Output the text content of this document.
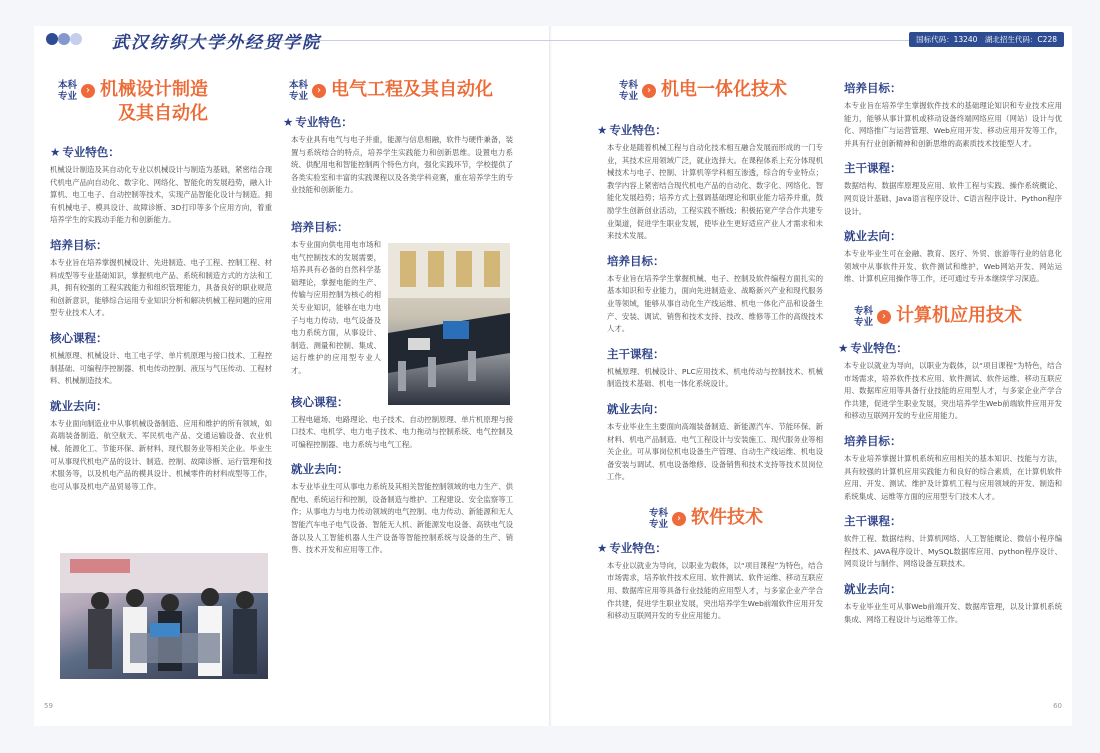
武汉纺织大学外经贸学院	国标代码：13240　湖北招生代码：C228
本科
专业
› 机械设计制造
及其自动化
★ 专业特色：
机械设计制造及其自动化专业以机械设计与制造为基础，紧密结合现代机电产品向自动化、数字化、网络化、智能化的发展趋势，融入计算机、电工电子、自动控制等技术，实现产品智能化设计与制造。拥有机械电子、模具设计、故障诊断、3D打印等多个应用方向，着重培养学生的实践动手能力和创新能力。
培养目标：
本专业旨在培养掌握机械设计、先进制造、电子工程、控制工程、材料成型等专业基础知识，掌握机电产品、系统和制造方式的方法和工具，拥有较强的工程实践能力和组织管理能力，具备良好的职业规范和创新意识，能够综合运用专业知识分析和解决机械工程问题的应用型专业技术人才。
核心课程：
机械原理、机械设计、电工电子学、单片机原理与接口技术、工程控制基础、可编程序控制器、机电传动控制、液压与气压传动、工程材料、机械制造技术。
就业去向：
本专业面向制造业中从事机械设备制造、应用和维护的所有领域，如高端装备制造、航空航天、军民机电产品、交通运输设备、农业机械、能源化工、节能环保、新材料、现代服务业等相关企业。毕业生可从事现代机电产品的设计、制造、控制、故障诊断、运行管理和技术服务等，以及机电产品的模具设计、机械零件的材料成型等工作，也可从事及机电产品贸易等工作。
本科
专业
› 电气工程及其自动化
★ 专业特色：
本专业具有电气与电子并重，能源与信息相融，软件与硬件兼备，装置与系统结合的特点，培养学生实践能力和创新思维。设置电力系统、供配用电和智能控制两个特色方向，强化实践环节，学校提供了各类实验室和丰富的实践课程以及各类学科竞赛，重在培养学生的专业技能和创新能力。
培养目标：
本专业面向供电用电市场和电气控制技术的发展需要，培养具有必备的自然科学基础理论，掌握电能的生产、传输与应用控制为核心的相关专业知识，能够在电力电子与电力传动、电气设备及电力系统方面，从事设计、制造、测量和控制、集成、运行维护的应用型专业人才。
核心课程：
工程电磁场、电路理论、电子技术、自动控制原理、单片机原理与接口技术、电机学、电力电子技术、电力拖动与控制系统、电气控制及可编程控制器、电力系统与电气工程。
就业去向：
本专业毕业生可从事电力系统及其相关智能控制领域的电力生产、供配电、系统运行和控制，设备制造与维护、工程建设、安全监察等工作；从事电力与电力传动领域的电气控制、电力传动、新能源和无人智能汽车电子电气设备、智能无人机、新能源发电设备、高铁电气设备以及人工智能机器人生产设备等智能控制系统与设备的生产、销售、技术开发和应用等工作。
专科
专业
› 机电一体化技术
★ 专业特色：
本专业是随着机械工程与自动化技术相互融合发展而形成的一门专业，其技术应用领域广泛，就业选择大。在课程体系上充分体现机械技术与电子、控制、计算机等学科相互渗透，综合的专业特点；教学内容上紧密结合现代机电产品的自动化、数字化、网络化、智能化发展趋势；培养方式上强调基础理论和职业能力培养并重，鼓励学生创新创业活动，工程实践不断线；积极拓宽产学合作共建专业渠道，促进学生职业发展，使毕业生更好适应产业人才需求和未来技术发展。
培养目标：
本专业旨在培养学生掌握机械、电子、控制及软件编程方面扎实的基本知识和专业能力，面向先进制造业、战略新兴产业和现代服务业等领域，能够从事自动化生产线运维、机电一体化产品和设备生产、安装、调试、销售和技术支持、技改、维修等工作的高级技术人才。
主干课程：
机械原理、机械设计、PLC应用技术、机电传动与控制技术、机械制造技术基础、机电一体化系统设计。
就业去向：
本专业毕业生主要面向高端装备制造、新能源汽车、节能环保、新材料、机电产品制造、电气工程设计与安装施工、现代服务业等相关企业。可从事岗位机电设备生产管理、自动生产线运维、机电设备安装与调试、机电设备维修、设备销售和技术支持等技术员岗位工作。
专科
专业
› 软件技术
★ 专业特色：
本专业以就业为导向，以职业为载体，以“项目课程”为特色，结合市场需求，培养软件技术应用、软件测试、软件运维、移动互联应用、数据库应用等具备行业技能的应用型人才，与多家企业产学合作共建，促进学生职业发展，突出培养学生Web前端软件应用开发和移动互联网开发的专业应用能力。
培养目标：
本专业旨在培养学生掌握软件技术的基础理论知识和专业技术应用能力，能够从事计算机或移动设备终端网络应用（网站）设计与优化、网络推广与运营管理、Web应用开发、移动应用开发等工作，并具有行业创新精神和创新思维的高素质技术技能型人才。
主干课程：
数据结构、数据库原理及应用、软件工程与实践、操作系统概论、网页设计基础、Java语言程序设计、C语言程序设计、Python程序设计。
就业去向：
本专业毕业生可在金融、教育、医疗、外贸、旅游等行业的信息化领域中从事软件开发、软件测试和维护、Web网站开发、网站运维、计算机应用操作等工作，还可通过专升本继续学习深造。
专科
专业
› 计算机应用技术
★ 专业特色：
本专业以就业为导向，以职业为载体，以“项目课程”为特色，结合市场需求，培养软件技术应用、软件测试、软件运维、移动互联应用、数据库应用等具备行业技能的应用型人才，与多家企业产学合作共建，促进学生职业发展，突出培养学生Web前端软件应用开发和移动互联网开发的专业应用能力。
培养目标：
本专业培养掌握计算机系统和应用相关的基本知识、技能与方法，具有较强的计算机应用实践能力和良好的综合素质，在计算机软件应用、开发、测试、维护及计算机工程与应用领域的开发、制造和系统集成、运维等方面的应用型专门技术人才。
主干课程：
软件工程、数据结构、计算机网络、人工智能概论、微信小程序编程技术、JAVA程序设计、MySQL数据库应用、python程序设计、网页设计与制作、网络设备互联技术。
就业去向：
本专业毕业生可从事Web前端开发、数据库管理，以及计算机系统集成、网络工程设计与运维等工作。
59	60
